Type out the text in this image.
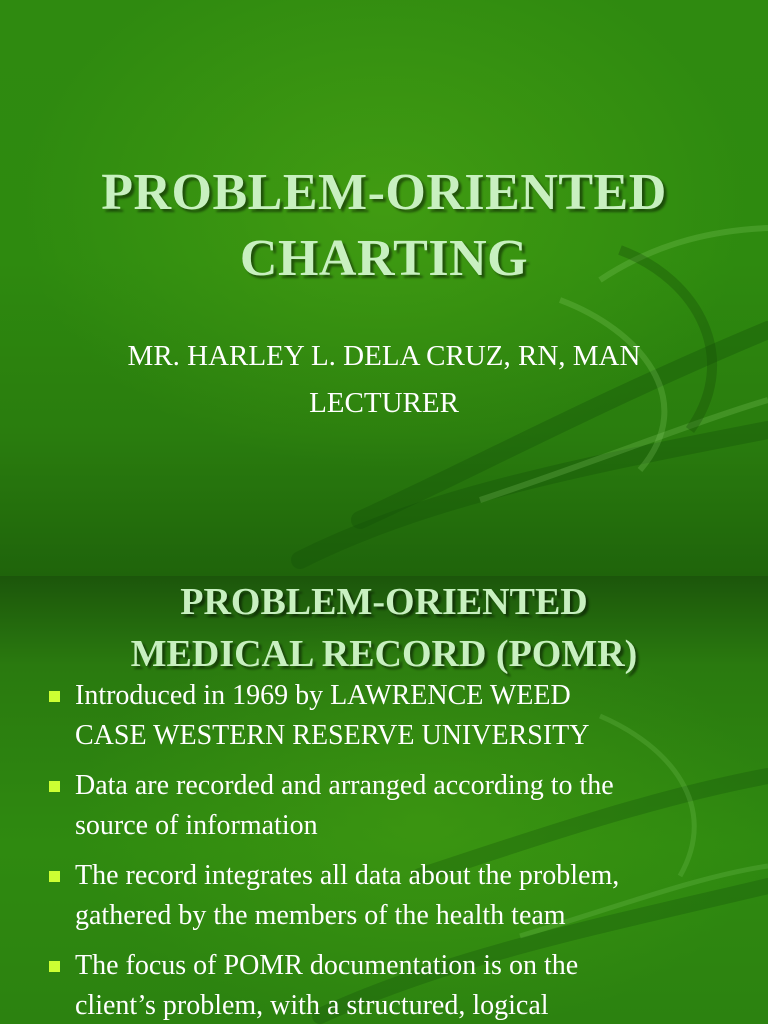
PROBLEM-ORIENTED
CHARTING
MR. HARLEY L. DELA CRUZ, RN, MAN
LECTURER
PROBLEM-ORIENTED
MEDICAL RECORD (POMR)
Introduced in 1969 by LAWRENCE WEED
CASE WESTERN RESERVE UNIVERSITY
Data are recorded and arranged according to the
source of information
The record integrates all data about the problem,
gathered by the members of the health team
The focus of POMR documentation is on the
client’s problem, with a structured, logical
